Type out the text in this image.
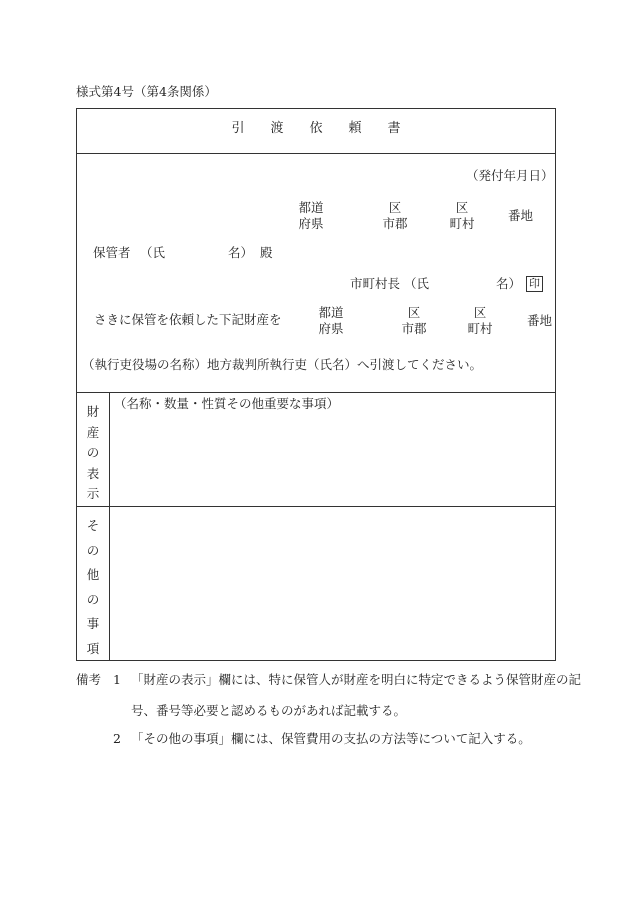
様式第4号（第4条関係）
引　　渡　　依　　頼　　書
（発付年月日）
都道
府県
区
市郡
区
町村
番地
保管者 （氏	名） 殿
市町村長 （氏	名） 印
さきに保管を依頼した下記財産を	都道
府県
区
市郡
区
町村
番地
（執行吏役場の名称）地方裁判所執行吏（氏名）へ引渡してください。
財
産
の
表
示
（名称・数量・性質その他重要な事項）
そ
の
他
の
事
項
備考 1 「財産の表示」欄には、特に保管人が財産を明白に特定できるよう保管財産の記
号、番号等必要と認めるものがあれば記載する。
2 「その他の事項」欄には、保管費用の支払の方法等について記入する。
